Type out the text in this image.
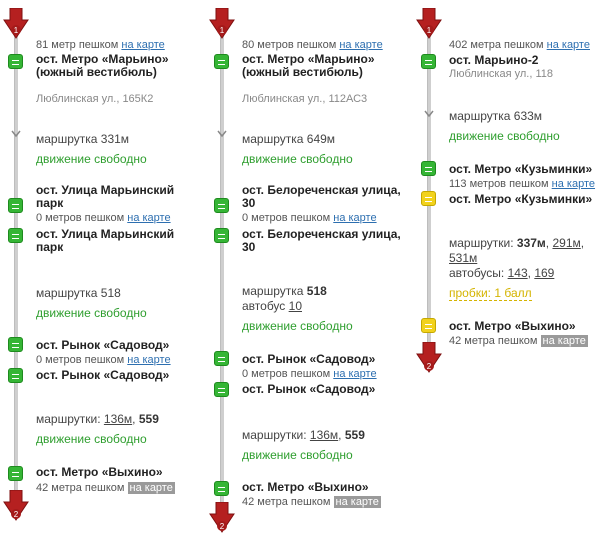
1
81 метр пешком на карте
ост. Метро «Марьино» (южный вестибюль)
Люблинская ул., 165К2
маршрутка 331м
движение свободно
ост. Улица Марьинский парк
0 метров пешком на карте
ост. Улица Марьинский парк
маршрутка 518
движение свободно
ост. Рынок «Садовод»
0 метров пешком на карте
ост. Рынок «Садовод»
маршрутки: 136м, 559
движение свободно
ост. Метро «Выхино»
42 метра пешком на карте
2
1
80 метров пешком на карте
ост. Метро «Марьино» (южный вестибюль)
Люблинская ул., 112АС3
маршрутка 649м
движение свободно
ост. Белореченская улица, 30
0 метров пешком на карте
ост. Белореченская улица, 30
маршрутка 518
автобус 10
движение свободно
ост. Рынок «Садовод»
0 метров пешком на карте
ост. Рынок «Садовод»
маршрутки: 136м, 559
движение свободно
ост. Метро «Выхино»
42 метра пешком на карте
2
1
402 метра пешком на карте
ост. Марьино-2
Люблинская ул., 118
маршрутка 633м
движение свободно
ост. Метро «Кузьминки»
113 метров пешком на карте
ост. Метро «Кузьминки»
маршрутки: 337м, 291м,
531м
автобусы: 143, 169
пробки: 1 балл
ост. Метро «Выхино»
42 метра пешком на карте
2
